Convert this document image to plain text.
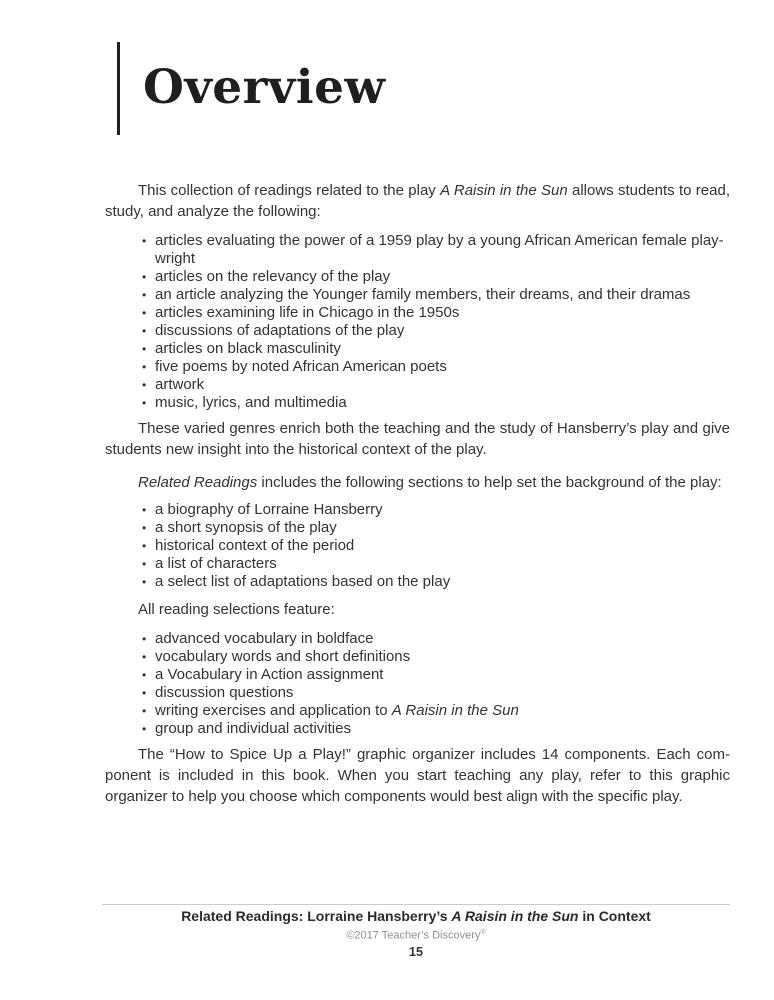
Overview

This collection of readings related to the play A Raisin in the Sun allows students to read, study, and analyze the following:

• articles evaluating the power of a 1959 play by a young African American female playwright
• articles on the relevancy of the play
• an article analyzing the Younger family members, their dreams, and their dramas
• articles examining life in Chicago in the 1950s
• discussions of adaptations of the play
• articles on black masculinity
• five poems by noted African American poets
• artwork
• music, lyrics, and multimedia

These varied genres enrich both the teaching and the study of Hansberry’s play and give students new insight into the historical context of the play.

Related Readings includes the following sections to help set the background of the play:

• a biography of Lorraine Hansberry
• a short synopsis of the play
• historical context of the period
• a list of characters
• a select list of adaptations based on the play

All reading selections feature:

• advanced vocabulary in boldface
• vocabulary words and short definitions
• a Vocabulary in Action assignment
• discussion questions
• writing exercises and application to A Raisin in the Sun
• group and individual activities

The “How to Spice Up a Play!” graphic organizer includes 14 components. Each component is included in this book. When you start teaching any play, refer to this graphic organizer to help you choose which components would best align with the specific play.

Related Readings: Lorraine Hansberry’s A Raisin in the Sun in Context
©2017 Teacher’s Discovery®
15
